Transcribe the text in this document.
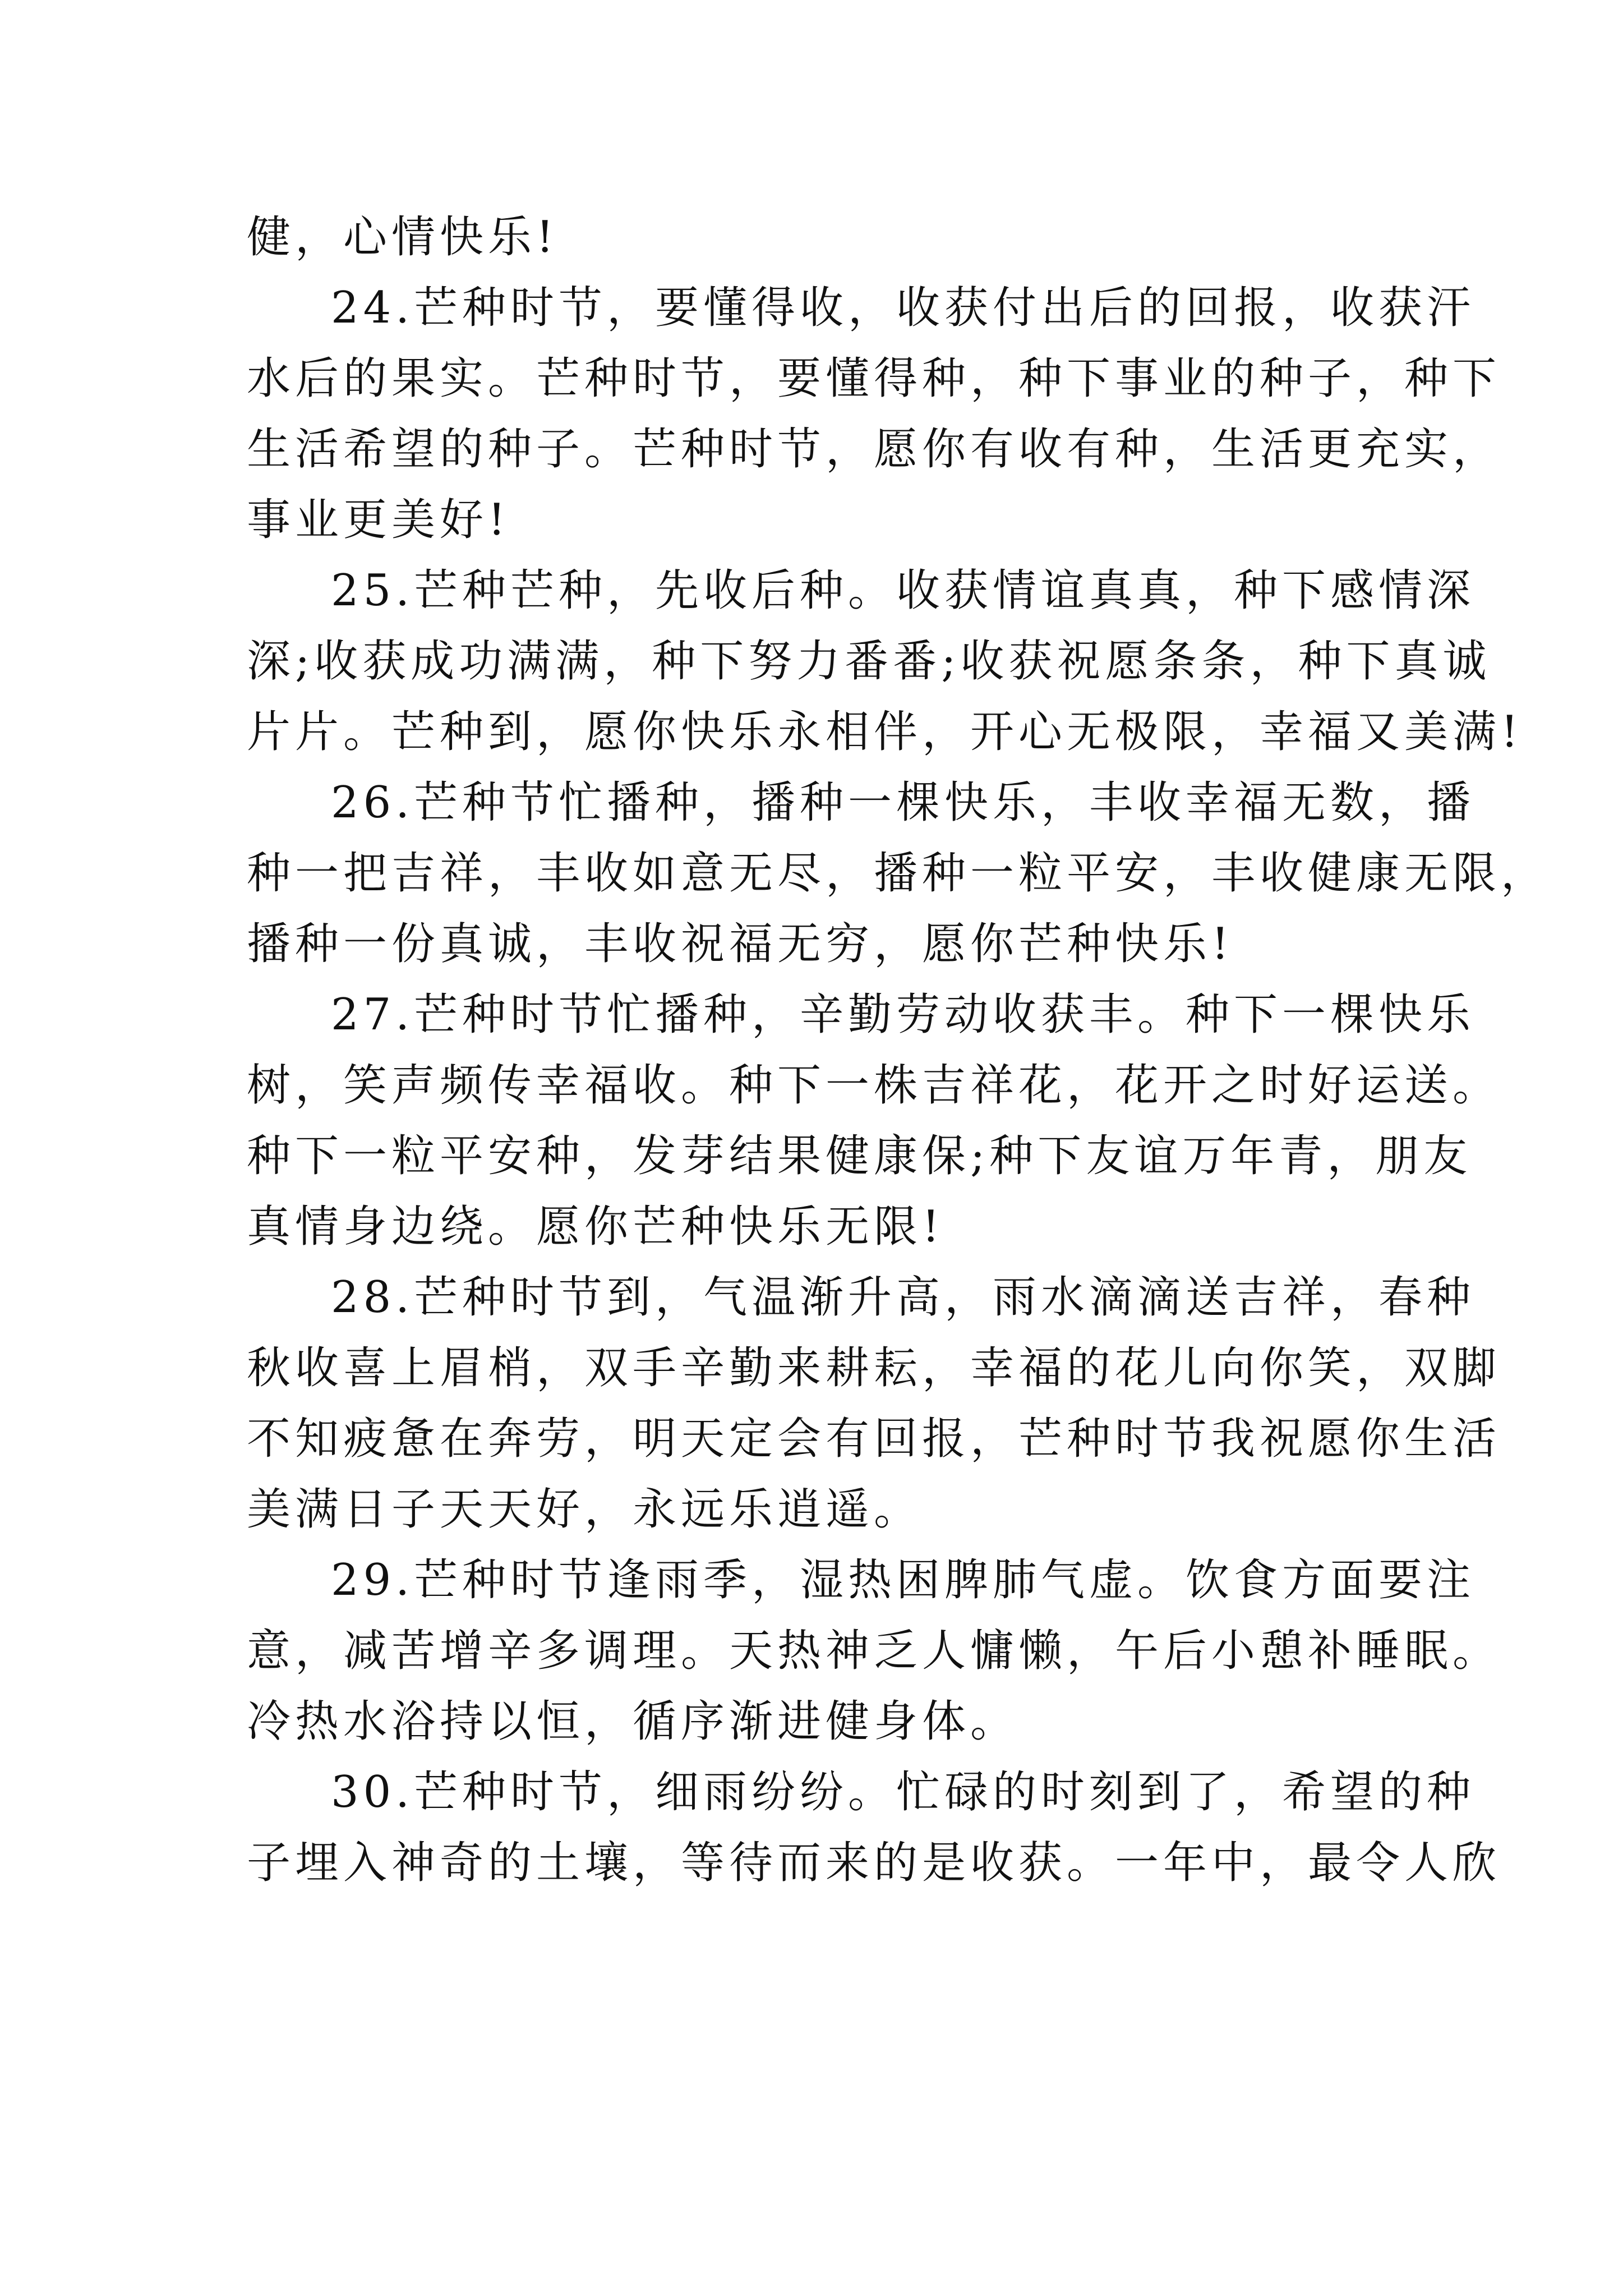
健，心情快乐!
24.芒种时节，要懂得收，收获付出后的回报，收获汗
水后的果实。芒种时节，要懂得种，种下事业的种子，种下
生活希望的种子。芒种时节，愿你有收有种，生活更充实，
事业更美好!
25.芒种芒种，先收后种。收获情谊真真，种下感情深
深;收获成功满满，种下努力番番;收获祝愿条条，种下真诚
片片。芒种到，愿你快乐永相伴，开心无极限，幸福又美满!
26.芒种节忙播种，播种一棵快乐，丰收幸福无数，播
种一把吉祥，丰收如意无尽，播种一粒平安，丰收健康无限，
播种一份真诚，丰收祝福无穷，愿你芒种快乐!
27.芒种时节忙播种，辛勤劳动收获丰。种下一棵快乐
树，笑声频传幸福收。种下一株吉祥花，花开之时好运送。
种下一粒平安种，发芽结果健康保;种下友谊万年青，朋友
真情身边绕。愿你芒种快乐无限!
28.芒种时节到，气温渐升高，雨水滴滴送吉祥，春种
秋收喜上眉梢，双手辛勤来耕耘，幸福的花儿向你笑，双脚
不知疲惫在奔劳，明天定会有回报，芒种时节我祝愿你生活
美满日子天天好，永远乐逍遥。
29.芒种时节逢雨季，湿热困脾肺气虚。饮食方面要注
意，减苦增辛多调理。天热神乏人慵懒，午后小憩补睡眠。
冷热水浴持以恒，循序渐进健身体。
30.芒种时节，细雨纷纷。忙碌的时刻到了，希望的种
子埋入神奇的土壤，等待而来的是收获。一年中，最令人欣
